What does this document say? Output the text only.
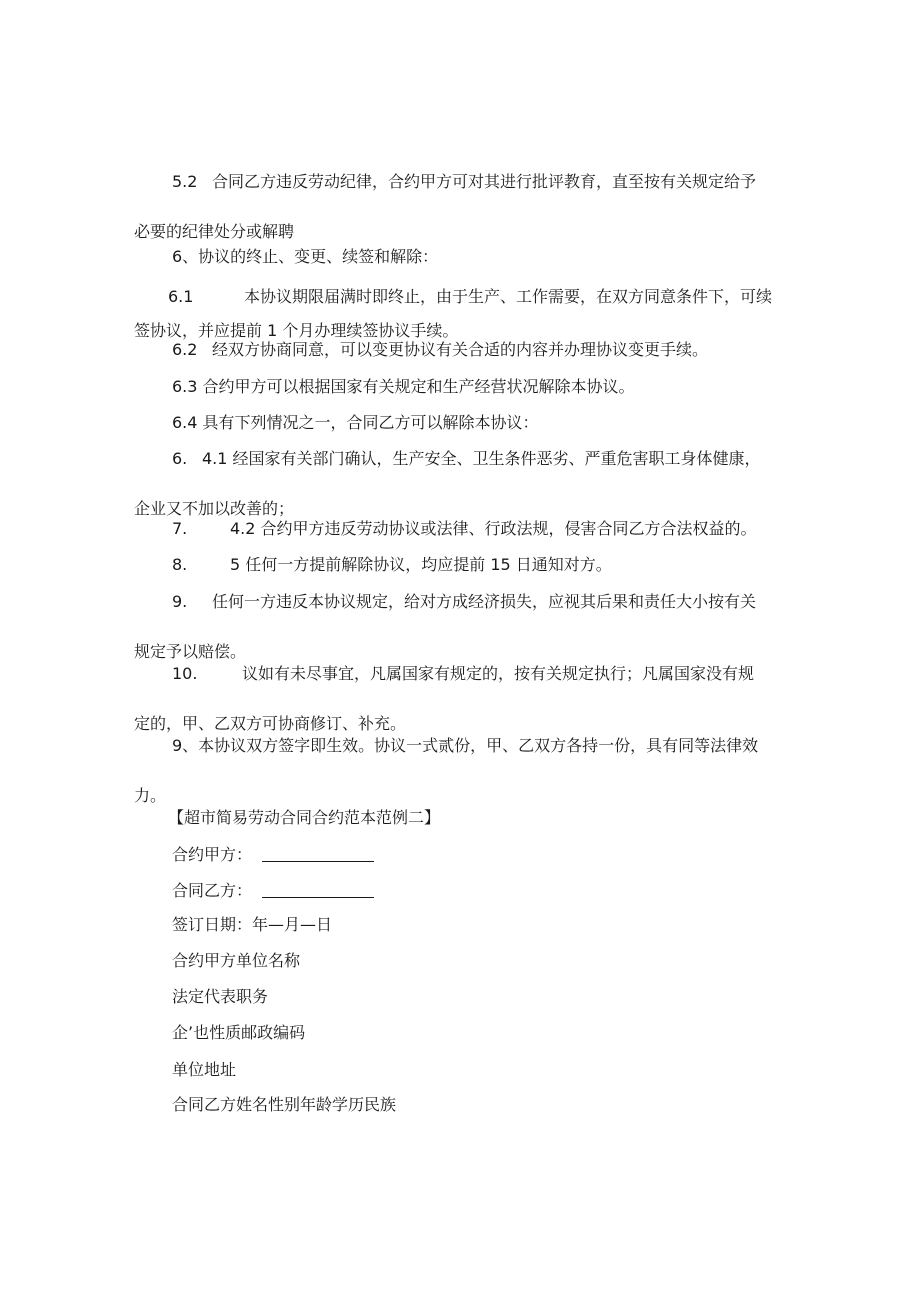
5.2 合同乙方违反劳动纪律，合约甲方可对其进行批评教育，直至按有关规定给予

必要的纪律处分或解聘

6、协议的终止、变更、续签和解除：

6.1	本协议期限届满时即终止，由于生产、工作需要，在双方同意条件下，可续

签协议，并应提前 1 个月办理续签协议手续。

6.2 经双方协商同意，可以变更协议有关合适的内容并办理协议变更手续。

6.3 合约甲方可以根据国家有关规定和生产经营状况解除本协议。

6.4 具有下列情况之一，合同乙方可以解除本协议：

6. 4.1 经国家有关部门确认，生产安全、卫生条件恶劣、严重危害职工身体健康，

企业又不加以改善的；

7.	4.2 合约甲方违反劳动协议或法律、行政法规，侵害合同乙方合法权益的。

8.	5 任何一方提前解除协议，均应提前 15 日通知对方。

9. 任何一方违反本协议规定，给对方成经济损失，应视其后果和责任大小按有关

规定予以赔偿。

10.	议如有未尽事宜，凡属国家有规定的，按有关规定执行；凡属国家没有规

定的，甲、乙双方可协商修订、补充。

9、本协议双方签字即生效。协议一式贰份，甲、乙双方各持一份，具有同等法律效

力。

【超市简易劳动合同合约范本范例二】

合约甲方：

合同乙方：

签订日期：年—月—日

合约甲方单位名称

法定代表职务

企’也性质邮政编码

单位地址

合同乙方姓名性别年龄学历民族
